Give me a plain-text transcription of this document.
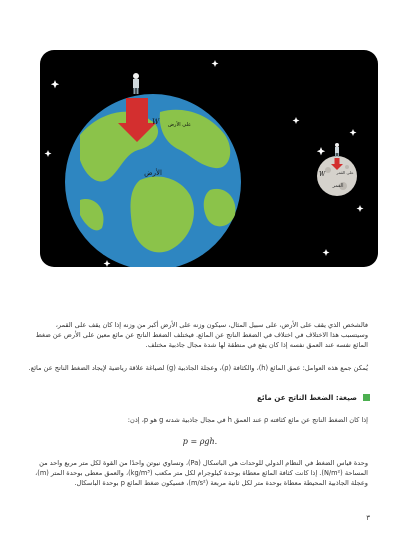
الأرض
W على الأرض
W	على القمر
القمر
فالشخص الذي يقف على الأرض، على سبيل المثال، سيكون وزنه على الأرض أكبر من وزنه إذا كان يقف على القمر، وسيتسبب هذا الاختلاف في اختلاف في الضغط الناتج عن المائع. فيختلف الضغط الناتج عن مائع معين على الأرض عن ضغط المائع نفسه عند العمق نفسه إذا كان يقع في منطقة لها شدة مجال جاذبية مختلف.
يُمكن جمع هذه العوامل: عمق المائع (h)، والكثافة (ρ)، وعجلة الجاذبية (g) لصياغة علاقة رياضية لإيجاد الضغط الناتج عن مائع.
صيغة: الضغط الناتج عن مائع
إذا كان الضغط الناتج عن مائع كثافته ρ عند العمق h في مجال جاذبية شدته g هو p، إذن:
p = ρgh.
وحدة قياس الضغط في النظام الدولي للوحدات هي الباسكال (Pa)، وتساوي نيوتن واحدًا من القوة لكل متر مربع واحد من المساحة (N/m²). إذا كانت كثافة المائع معطاة بوحدة كيلوجرام لكل متر مكعب (kg/m³)، والعمق معطى بوحدة المتر (m)، وعجلة الجاذبية المحيطة معطاة بوحدة متر لكل ثانية مربعة (m/s²)، فسيكون ضغط المائع p بوحدة الباسكال.
٣
